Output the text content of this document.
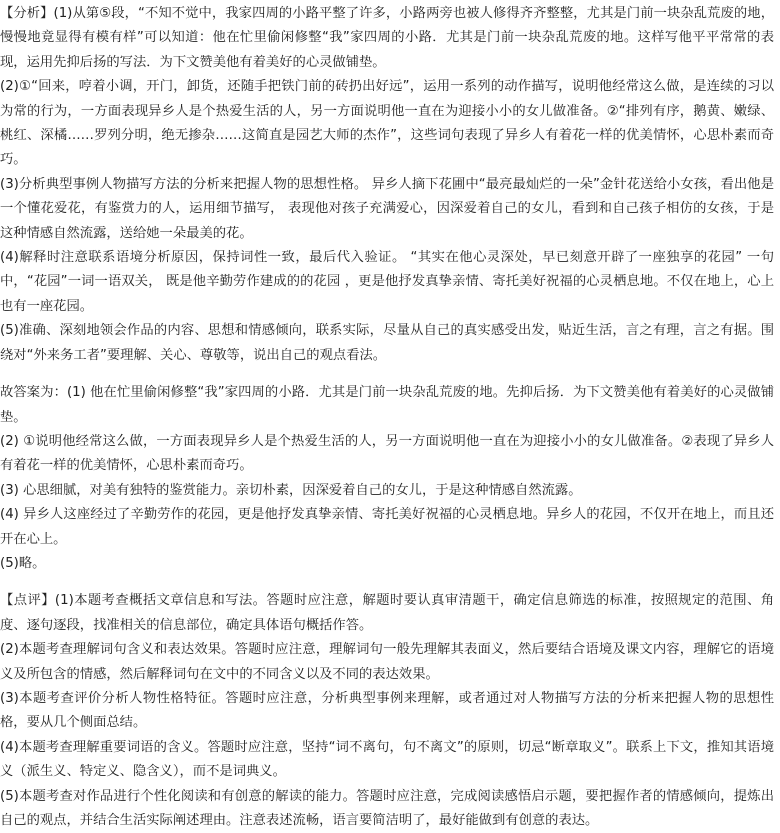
【分析】(1)从第⑤段，“不知不觉中，我家四周的小路平整了许多，小路两旁也被人修得齐齐整整，尤其是门前一块杂乱荒废的地，慢慢地竟显得有模有样”可以知道：他在忙里偷闲修整“我”家四周的小路．尤其是门前一块杂乱荒废的地。这样写他平平常常的表现，运用先抑后扬的写法．为下文赞美他有着美好的心灵做铺垫。

(2)①“回来，哼着小调，开门，卸货，还随手把铁门前的砖扔出好远”，运用一系列的动作描写，说明他经常这么做，是连续的习以为常的行为，一方面表现异乡人是个热爱生活的人，另一方面说明他一直在为迎接小小的女儿做准备。②“排列有序，鹅黄、嫩绿、桃红、深橘……罗列分明，绝无掺杂……这简直是园艺大师的杰作”，这些词句表现了异乡人有着花一样的优美情怀，心思朴素而奇巧。

(3)分析典型事例人物描写方法的分析来把握人物的思想性格。 异乡人摘下花圃中“最亮最灿烂的一朵”金针花送给小女孩，看出他是一个懂花爱花，有鉴赏力的人，运用细节描写， 表现他对孩子充满爱心，因深爱着自己的女儿，看到和自己孩子相仿的女孩，于是这种情感自然流露，送给她一朵最美的花。

(4)解释时注意联系语境分析原因，保持词性一致，最后代入验证。 “其实在他心灵深处，早已刻意开辟了一座独享的花园” 一句中，“花园”一词一语双关， 既是他辛勤劳作建成的的花园 ，更是他抒发真挚亲情、寄托美好祝福的心灵栖息地。不仅在地上，心上也有一座花园。

(5)准确、深刻地领会作品的内容、思想和情感倾向，联系实际，尽量从自己的真实感受出发，贴近生活，言之有理，言之有据。围绕对“外来务工者”要理解、关心、尊敬等，说出自己的观点看法。

故答案为：(1) 他在忙里偷闲修整“我”家四周的小路．尤其是门前一块杂乱荒废的地。先抑后扬．为下文赞美他有着美好的心灵做铺垫。

(2) ①说明他经常这么做，一方面表现异乡人是个热爱生活的人，另一方面说明他一直在为迎接小小的女儿做准备。②表现了异乡人有着花一样的优美情怀，心思朴素而奇巧。

(3) 心思细腻，对美有独特的鉴赏能力。亲切朴素，因深爱着自己的女儿，于是这种情感自然流露。

(4) 异乡人这座经过了辛勤劳作的花园，更是他抒发真挚亲情、寄托美好祝福的心灵栖息地。异乡人的花园，不仅开在地上，而且还开在心上。

(5)略。

【点评】(1)本题考查概括文章信息和写法。答题时应注意，解题时要认真审清题干，确定信息筛选的标准，按照规定的范围、角度、逐句逐段，找准相关的信息部位，确定具体语句概括作答。

(2)本题考查理解词句含义和表达效果。答题时应注意，理解词句一般先理解其表面义，然后要结合语境及课文内容，理解它的语境义及所包含的情感，然后解释词句在文中的不同含义以及不同的表达效果。

(3)本题考查评价分析人物性格特征。答题时应注意，分析典型事例来理解，或者通过对人物描写方法的分析来把握人物的思想性格，要从几个侧面总结。

(4)本题考查理解重要词语的含义。答题时应注意，坚持“词不离句，句不离文”的原则，切忌“断章取义”。联系上下文，推知其语境义（派生义、特定义、隐含义），而不是词典义。

(5)本题考查对作品进行个性化阅读和有创意的解读的能力。答题时应注意，完成阅读感悟启示题，要把握作者的情感倾向，提炼出自己的观点，并结合生活实际阐述理由。注意表述流畅，语言要简洁明了，最好能做到有创意的表达。
